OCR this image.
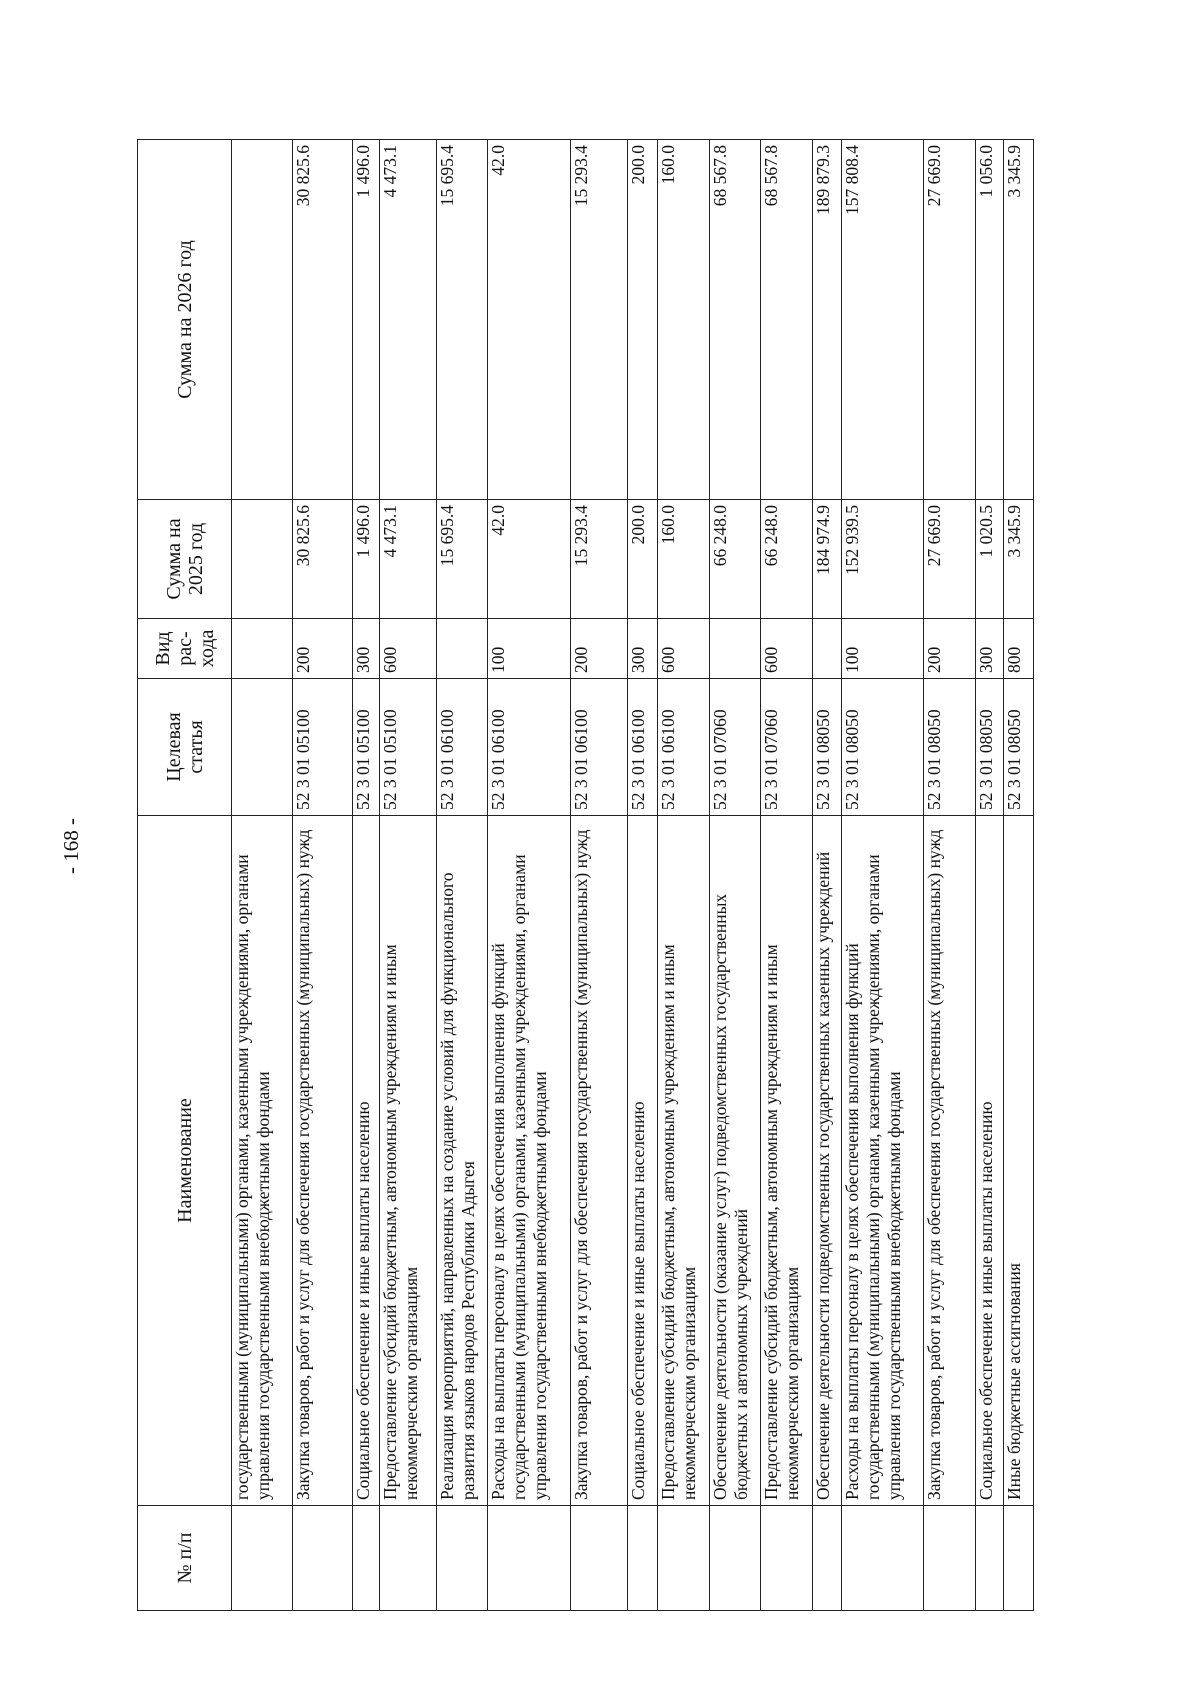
- 168 -
№ п/п	Наименование	Целевая статья	Вид рас-хода	Сумма на 2025 год	Сумма на 2026 год
	государственными (муниципальными) органами, казенными учреждениями, органами управления государственными внебюджетными фондами				
	Закупка товаров, работ и услуг для обеспечения государственных (муниципальных) нужд	52 3 01 05100	200	30 825.6	30 825.6
	Социальное обеспечение и иные выплаты населению	52 3 01 05100	300	1 496.0	1 496.0
	Предоставление субсидий бюджетным, автономным учреждениям и иным некоммерческим организациям	52 3 01 05100	600	4 473.1	4 473.1
	Реализация мероприятий, направленных на создание условий для функционального развития языков народов Республики Адыгея	52 3 01 06100		15 695.4	15 695.4
	Расходы на выплаты персоналу в целях обеспечения выполнения функций государственными (муниципальными) органами, казенными учреждениями, органами управления государственными внебюджетными фондами	52 3 01 06100	100	42.0	42.0
	Закупка товаров, работ и услуг для обеспечения государственных (муниципальных) нужд	52 3 01 06100	200	15 293.4	15 293.4
	Социальное обеспечение и иные выплаты населению	52 3 01 06100	300	200.0	200.0
	Предоставление субсидий бюджетным, автономным учреждениям и иным некоммерческим организациям	52 3 01 06100	600	160.0	160.0
	Обеспечение деятельности (оказание услуг) подведомственных государственных бюджетных и автономных учреждений	52 3 01 07060		66 248.0	68 567.8
	Предоставление субсидий бюджетным, автономным учреждениям и иным некоммерческим организациям	52 3 01 07060	600	66 248.0	68 567.8
	Обеспечение деятельности подведомственных государственных казенных учреждений	52 3 01 08050		184 974.9	189 879.3
	Расходы на выплаты персоналу в целях обеспечения выполнения функций государственными (муниципальными) органами, казенными учреждениями, органами управления государственными внебюджетными фондами	52 3 01 08050	100	152 939.5	157 808.4
	Закупка товаров, работ и услуг для обеспечения государственных (муниципальных) нужд	52 3 01 08050	200	27 669.0	27 669.0
	Социальное обеспечение и иные выплаты населению	52 3 01 08050	300	1 020.5	1 056.0
	Иные бюджетные ассигнования	52 3 01 08050	800	3 345.9	3 345.9
